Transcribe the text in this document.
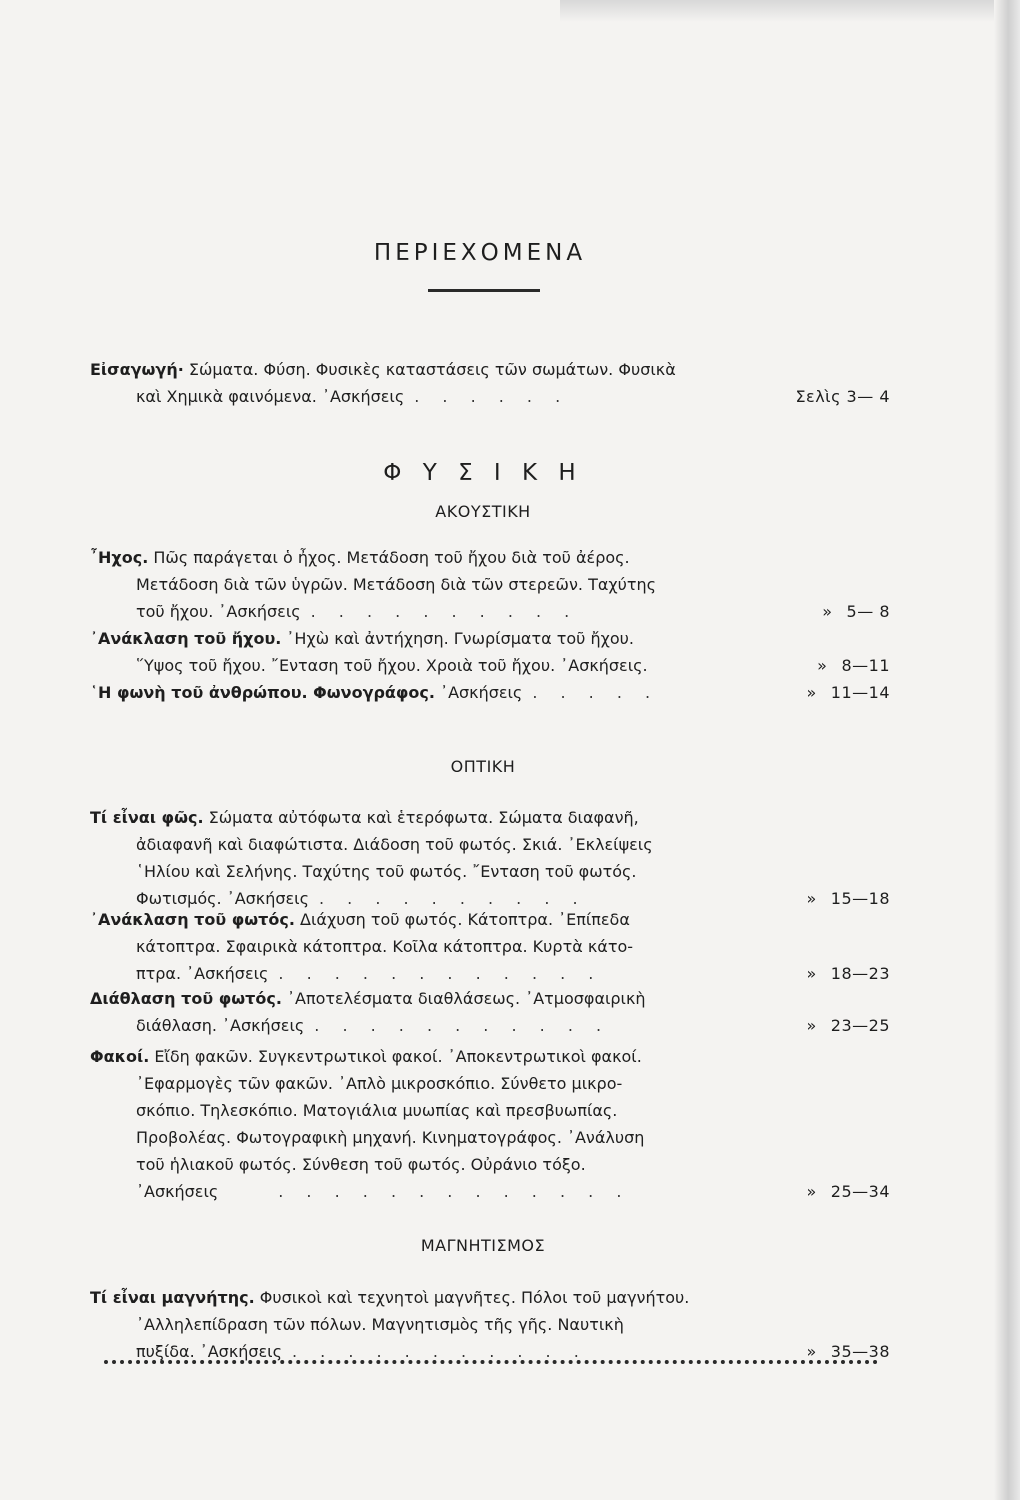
ΠΕΡΙΕΧΟΜΕΝΑ
Εἰσαγωγή· Σώματα. Φύση. Φυσικὲς καταστάσεις τῶν σωμάτων. Φυσικὰ
καὶ Χημικὰ φαινόμενα. ᾿Ασκήσεις . . . . . .	Σελὶς 3— 4
Φ Υ Σ Ι Κ Η
ΑΚΟΥΣΤΙΚΗ
῏Ηχος. Πῶς παράγεται ὁ ἦχος. Μετάδοση τοῦ ἤχου διὰ τοῦ ἀέρος.
Μετάδοση διὰ τῶν ὑγρῶν. Μετάδοση διὰ τῶν στερεῶν. Ταχύτης
τοῦ ἤχου. ᾿Ασκήσεις . . . . . . . . . .	» 5— 8
᾿Ανάκλαση τοῦ ἤχου. ᾿Ηχὼ καὶ ἀντήχηση. Γνωρίσματα τοῦ ἤχου.
῞Υψος τοῦ ἤχου. ῎Ενταση τοῦ ἤχου. Χροιὰ τοῦ ἤχου. ᾿Ασκήσεις.	» 8—11
῾Η φωνὴ τοῦ ἀνθρώπου. Φωνογράφος. ᾿Ασκήσεις . . . . .	» 11—14
ΟΠΤΙΚΗ
Τί εἶναι φῶς. Σώματα αὐτόφωτα καὶ ἑτερόφωτα. Σώματα διαφανῆ,
ἀδιαφανῆ καὶ διαφώτιστα. Διάδοση τοῦ φωτός. Σκιά. ᾿Εκλείψεις
῾Ηλίου καὶ Σελήνης. Ταχύτης τοῦ φωτός. ῎Ενταση τοῦ φωτός.
Φωτισμός. ᾿Ασκήσεις . . . . . . . . . .	» 15—18
᾿Ανάκλαση τοῦ φωτός. Διάχυση τοῦ φωτός. Κάτοπτρα. ᾿Επίπεδα
κάτοπτρα. Σφαιρικὰ κάτοπτρα. Κοῖλα κάτοπτρα. Κυρτὰ κάτο-
πτρα. ᾿Ασκήσεις . . . . . . . . . . . .	» 18—23
Διάθλαση τοῦ φωτός. ᾿Αποτελέσματα διαθλάσεως. ᾿Ατμοσφαιρικὴ
διάθλαση. ᾿Ασκήσεις . . . . . . . . . . .	» 23—25
Φακοί. Εἴδη φακῶν. Συγκεντρωτικοὶ φακοί. ᾿Αποκεντρωτικοὶ φακοί.
᾿Εφαρμογὲς τῶν φακῶν. ᾿Απλὸ μικροσκόπιο. Σύνθετο μικρο-
σκόπιο. Τηλεσκόπιο. Ματογιάλια μυωπίας καὶ πρεσβυωπίας.
Προβολέας. Φωτογραφικὴ μηχανή. Κινηματογράφος. ᾿Ανάλυση
τοῦ ἡλιακοῦ φωτός. Σύνθεση τοῦ φωτός. Οὐράνιο τόξο.
᾿Ασκήσεις	. . . . . . . . . . . . .	» 25—34
ΜΑΓΝΗΤΙΣΜΟΣ
Τί εἶναι μαγνήτης. Φυσικοὶ καὶ τεχνητοὶ μαγνῆτες. Πόλοι τοῦ μαγνήτου.
᾿Αλληλεπίδραση τῶν πόλων. Μαγνητισμὸς τῆς γῆς. Ναυτικὴ
πυξίδα. ᾿Ασκήσεις . . . . . . . . . . .	» 35—38
